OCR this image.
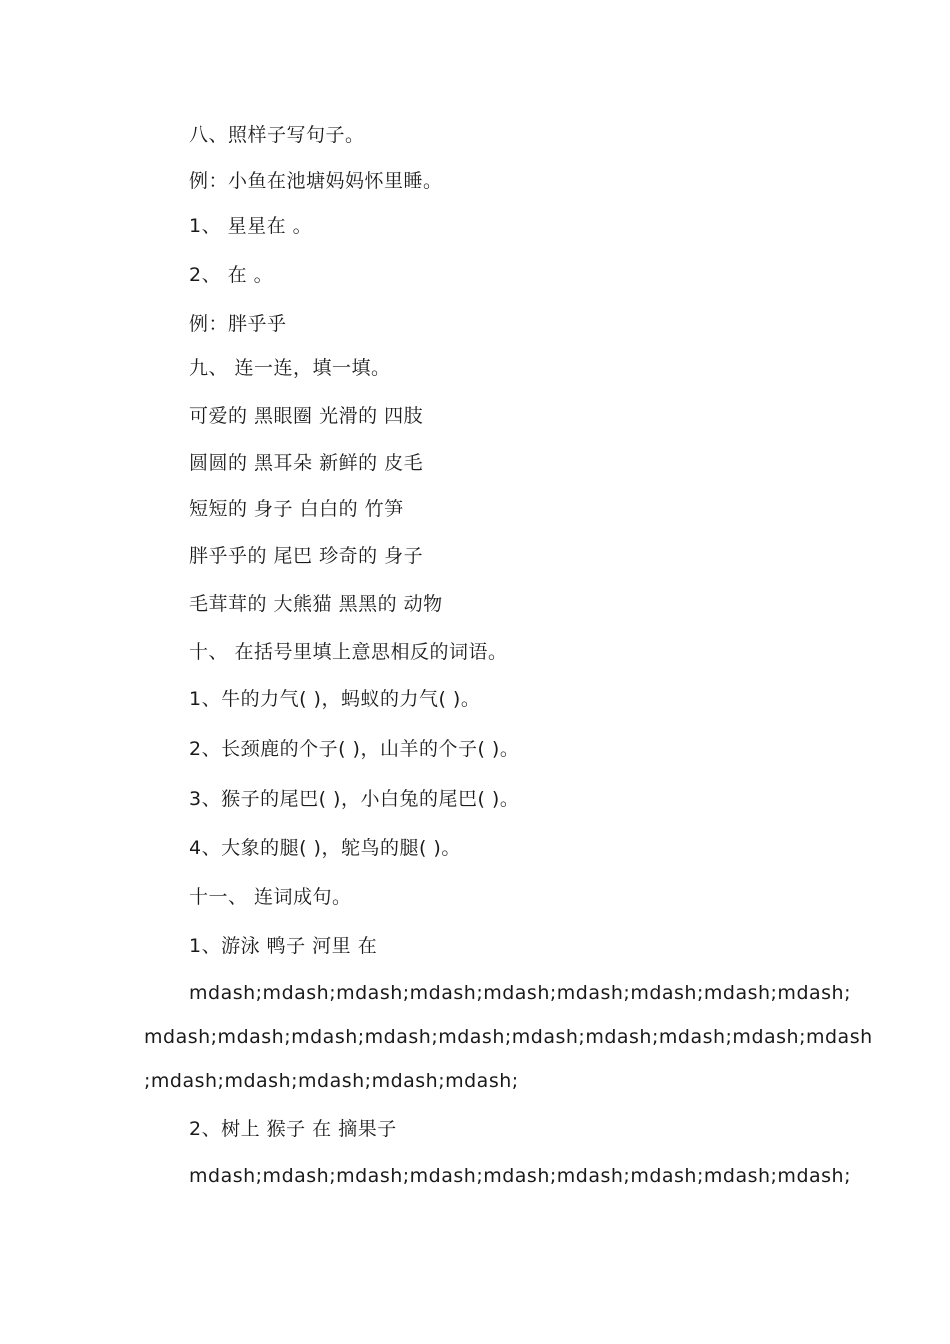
八、照样子写句子。
例：小鱼在池塘妈妈怀里睡。
1、 星星在 。
2、 在 。
例：胖乎乎
九、 连一连，填一填。
可爱的 黑眼圈 光滑的 四肢
圆圆的 黑耳朵 新鲜的 皮毛
短短的 身子 白白的 竹笋
胖乎乎的 尾巴 珍奇的 身子
毛茸茸的 大熊猫 黑黑的 动物
十、 在括号里填上意思相反的词语。
1、牛的力气( )，蚂蚁的力气( )。
2、长颈鹿的个子( )，山羊的个子( )。
3、猴子的尾巴( )，小白兔的尾巴( )。
4、大象的腿( )，鸵鸟的腿( )。
十一、 连词成句。
1、游泳 鸭子 河里 在
mdash;mdash;mdash;mdash;mdash;mdash;mdash;mdash;mdash;
mdash;mdash;mdash;mdash;mdash;mdash;mdash;mdash;mdash;mdash
;mdash;mdash;mdash;mdash;mdash;
2、树上 猴子 在 摘果子
mdash;mdash;mdash;mdash;mdash;mdash;mdash;mdash;mdash;
